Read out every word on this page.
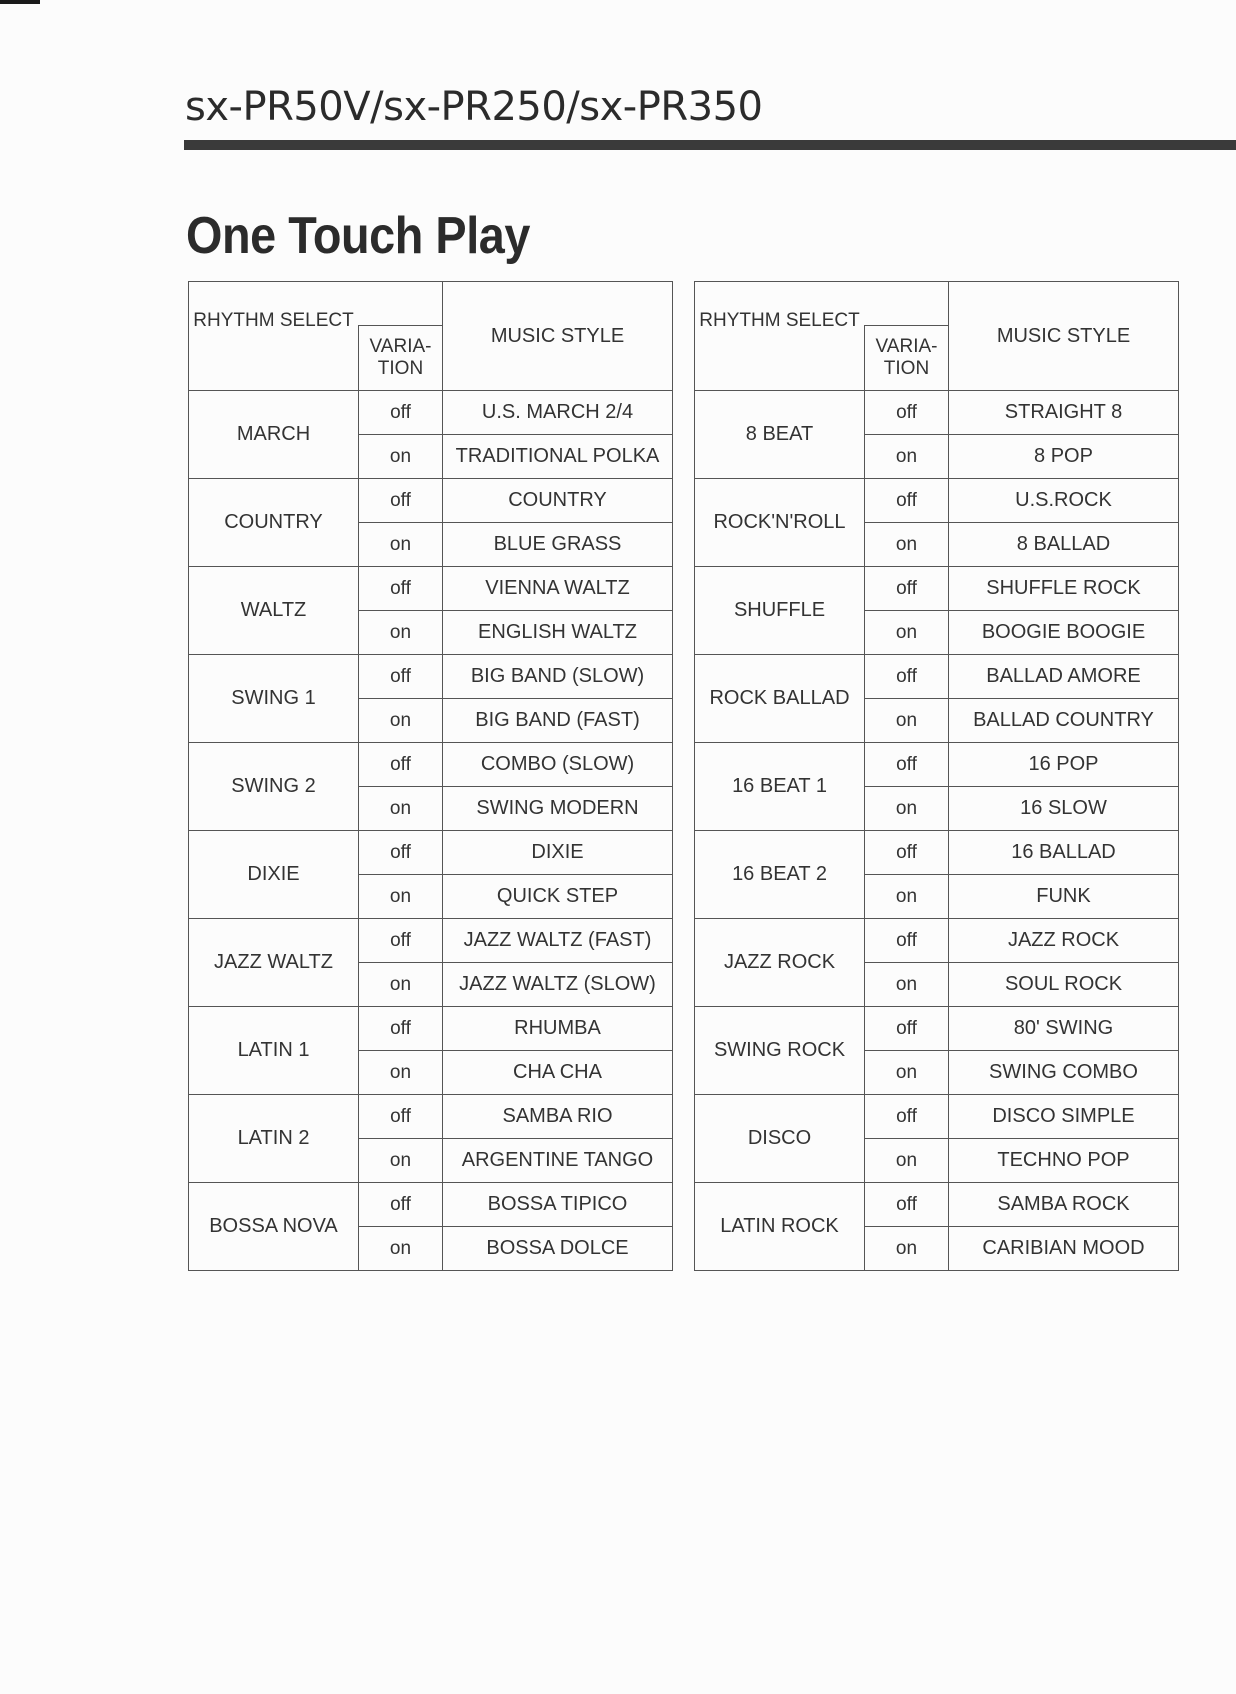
sx-PR50V/sx-PR250/sx-PR350
One Touch Play
RHYTHM SELECT		MUSIC STYLE
	VARIA- TION	
MARCH	off	U.S. MARCH 2/4
	on	TRADITIONAL POLKA
COUNTRY	off	COUNTRY
	on	BLUE GRASS
WALTZ	off	VIENNA WALTZ
	on	ENGLISH WALTZ
SWING 1	off	BIG BAND (SLOW)
	on	BIG BAND (FAST)
SWING 2	off	COMBO (SLOW)
	on	SWING MODERN
DIXIE	off	DIXIE
	on	QUICK STEP
JAZZ WALTZ	off	JAZZ WALTZ (FAST)
	on	JAZZ WALTZ (SLOW)
LATIN 1	off	RHUMBA
	on	CHA CHA
LATIN 2	off	SAMBA RIO
	on	ARGENTINE TANGO
BOSSA NOVA	off	BOSSA TIPICO
	on	BOSSA DOLCE
RHYTHM SELECT		MUSIC STYLE
	VARIA- TION	
8 BEAT	off	STRAIGHT 8
	on	8 POP
ROCK'N'ROLL	off	U.S.ROCK
	on	8 BALLAD
SHUFFLE	off	SHUFFLE ROCK
	on	BOOGIE BOOGIE
ROCK BALLAD	off	BALLAD AMORE
	on	BALLAD COUNTRY
16 BEAT 1	off	16 POP
	on	16 SLOW
16 BEAT 2	off	16 BALLAD
	on	FUNK
JAZZ ROCK	off	JAZZ ROCK
	on	SOUL ROCK
SWING ROCK	off	80' SWING
	on	SWING COMBO
DISCO	off	DISCO SIMPLE
	on	TECHNO POP
LATIN ROCK	off	SAMBA ROCK
	on	CARIBIAN MOOD
